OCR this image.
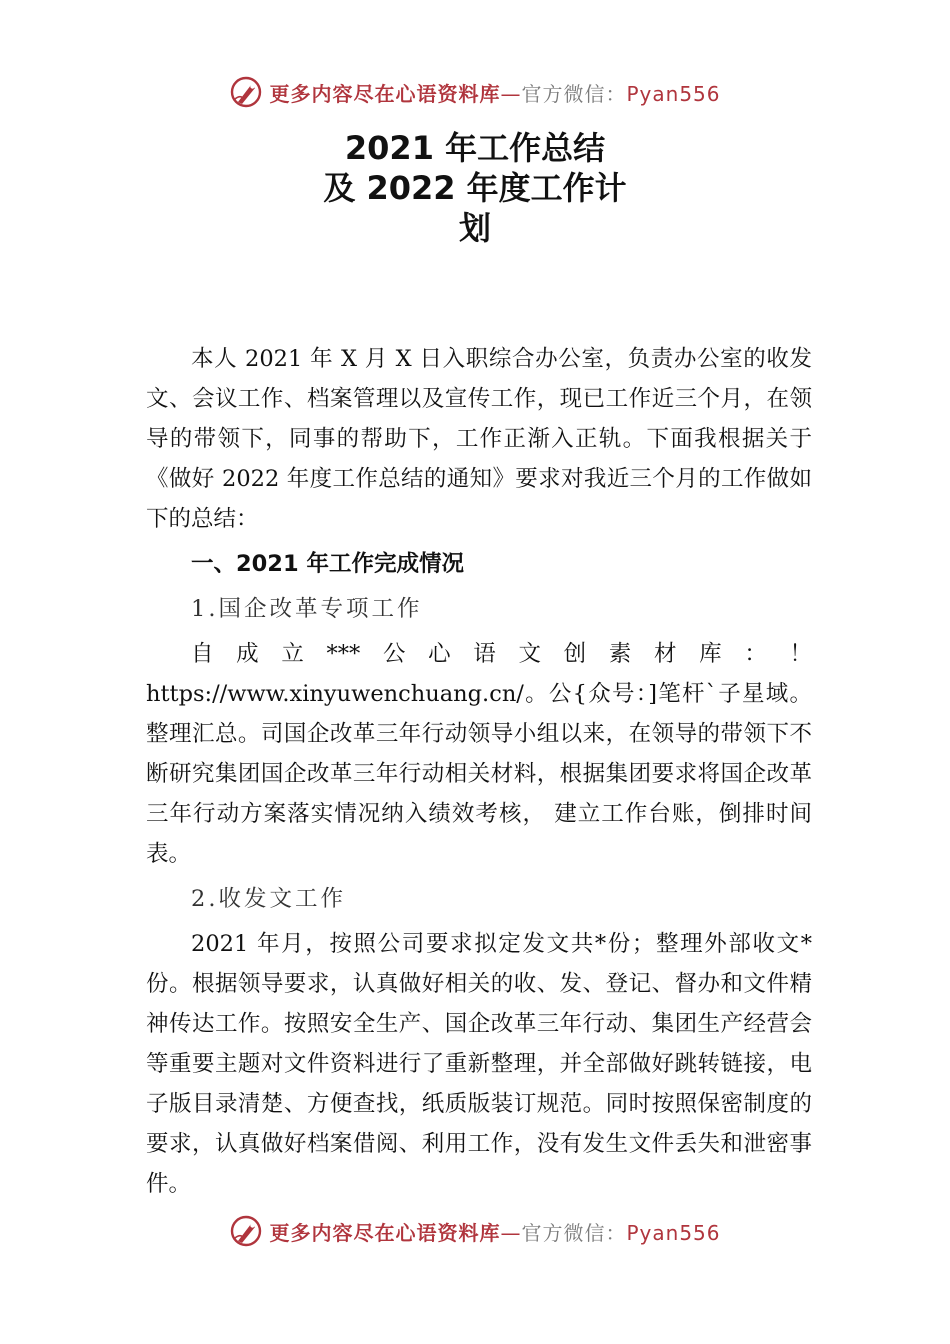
更多内容尽在心语资料库—官方微信：Pyan556
2021 年工作总结
及 2022 年度工作计
划

本人 2021 年 X 月 X 日入职综合办公室，负责办公室的收发文、会议工作、档案管理以及宣传工作，现已工作近三个月，在领导的带领下，同事的帮助下，工作正渐入正轨。下面我根据关于《做好 2022 年度工作总结的通知》要求对我近三个月的工作做如下的总结：

一、2021 年工作完成情况

1.国企改革专项工作

自成立***公心语文创素材库：！https://www.xinyuwenchuang.cn/。公{众号：]笔杆`子星域。整理汇总。司国企改革三年行动领导小组以来，在领导的带领下不断研究集团国企改革三年行动相关材料，根据集团要求将国企改革三年行动方案落实情况纳入绩效考核， 建立工作台账，倒排时间表。

2.收发文工作

2021 年月，按照公司要求拟定发文共*份；整理外部收文*份。根据领导要求，认真做好相关的收、发、登记、督办和文件精神传达工作。按照安全生产、国企改革三年行动、集团生产经营会等重要主题对文件资料进行了重新整理，并全部做好跳转链接，电子版目录清楚、方便查找，纸质版装订规范。同时按照保密制度的要求，认真做好档案借阅、利用工作，没有发生文件丢失和泄密事件。

更多内容尽在心语资料库—官方微信：Pyan556
